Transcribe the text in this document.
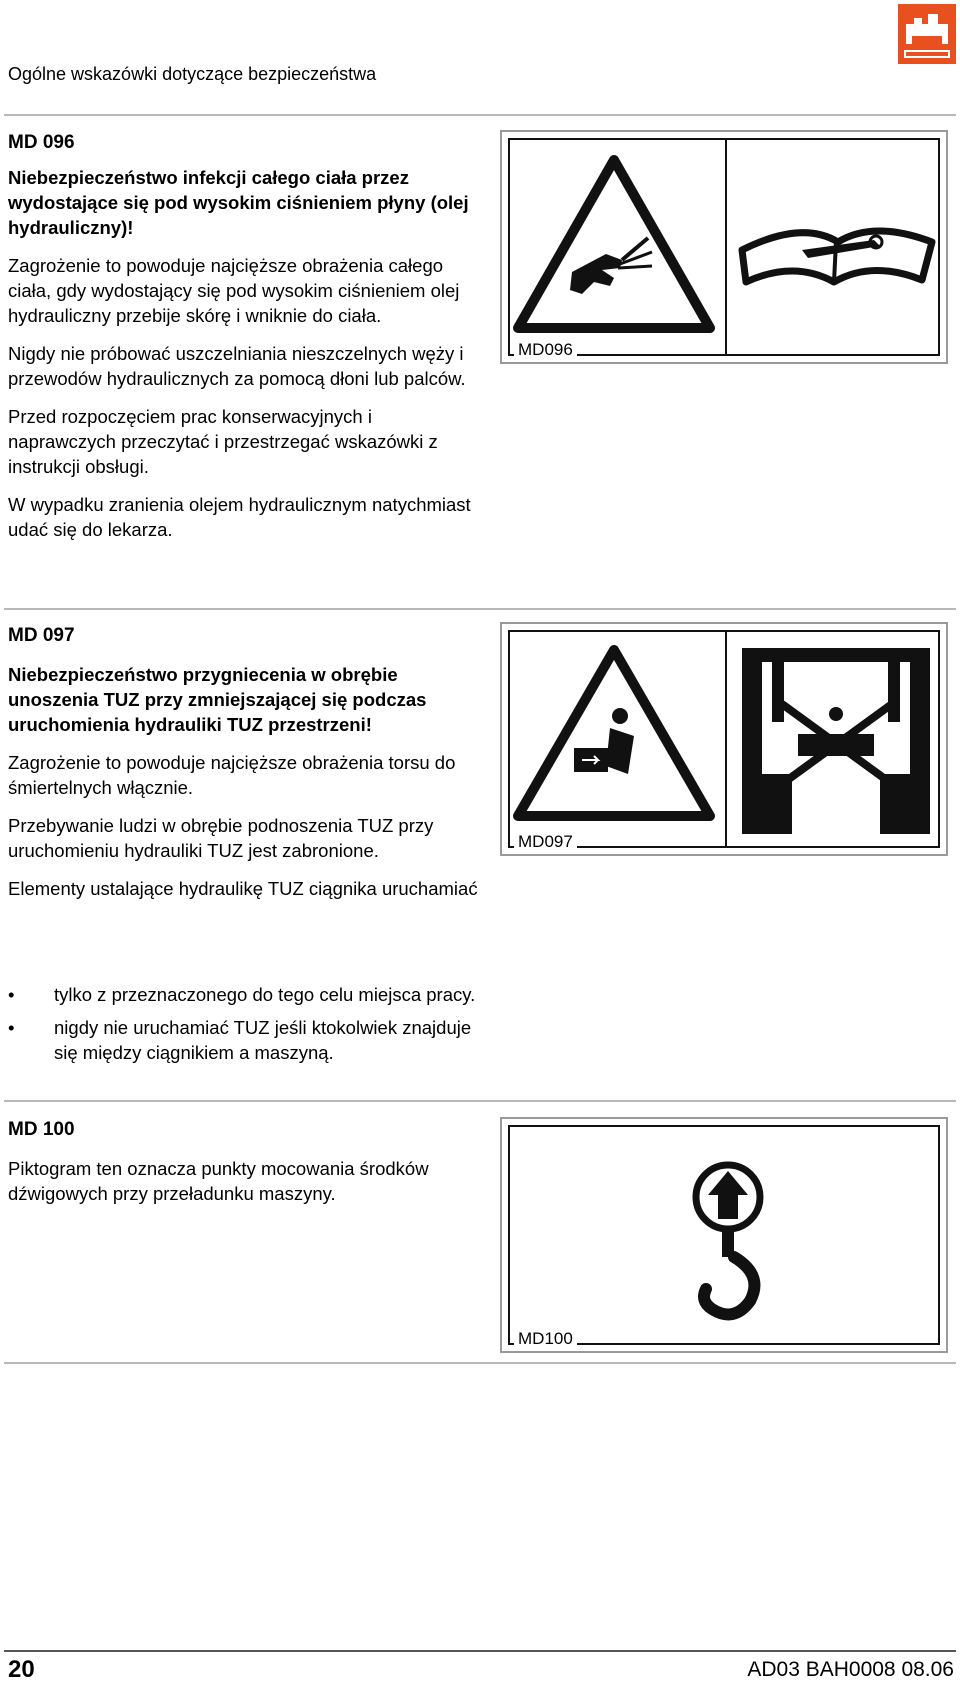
Ogólne wskazówki dotyczące bezpieczeństwa

MD 096

Niebezpieczeństwo infekcji całego ciała przez wydostające się pod wysokim ciśnieniem płyny (olej hydrauliczny)!

Zagrożenie to powoduje najcięższe obrażenia całego ciała, gdy wydostający się pod wysokim ciśnieniem olej hydrauliczny przebije skórę i wniknie do ciała.

Nigdy nie próbować uszczelniania nieszczelnych węży i przewodów hydraulicznych za pomocą dłoni lub palców.

Przed rozpoczęciem prac konserwacyjnych i naprawczych przeczytać i przestrzegać wskazówki z instrukcji obsługi.

W wypadku zranienia olejem hydraulicznym natychmiast udać się do lekarza.

MD096

MD 097

Niebezpieczeństwo przygniecenia w obrębie unoszenia TUZ przy zmniejszającej się podczas uruchomienia hydrauliki TUZ przestrzeni!

Zagrożenie to powoduje najcięższe obrażenia torsu do śmiertelnych włącznie.

Przebywanie ludzi w obrębie podnoszenia TUZ przy uruchomieniu hydrauliki TUZ jest zabronione.

Elementy ustalające hydraulikę TUZ ciągnika uruchamiać

• tylko z przeznaczonego do tego celu miejsca pracy.
• nigdy nie uruchamiać TUZ jeśli ktokolwiek znajduje się między ciągnikiem a maszyną.
MD097

MD 100

Piktogram ten oznacza punkty mocowania środków dźwigowych przy przeładunku maszyny.

MD100
20	AD03 BAH0008 08.06
